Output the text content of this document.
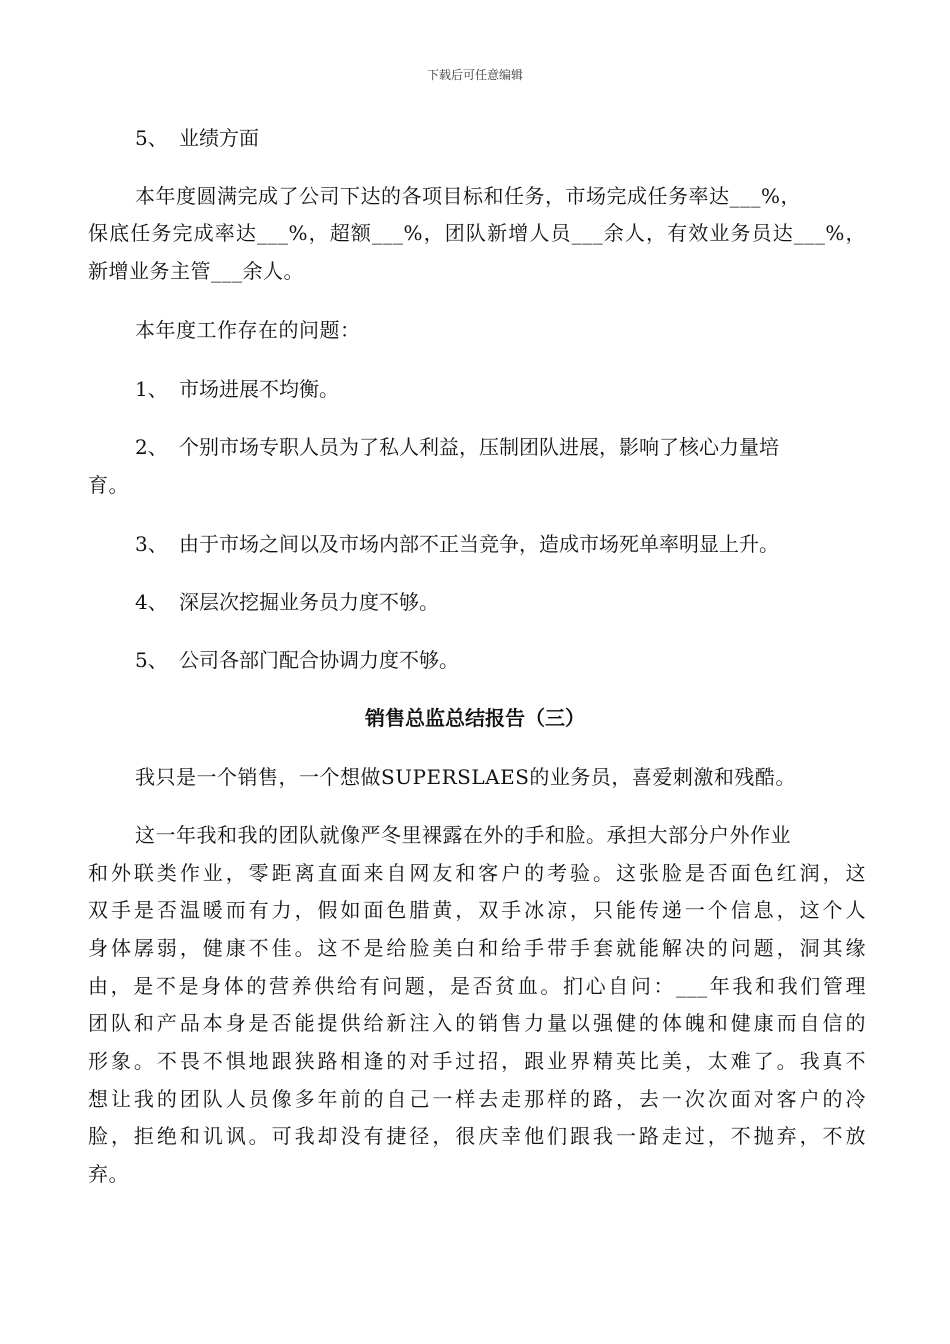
下载后可任意编辑
5、 业绩方面
本年度圆满完成了公司下达的各项目标和任务，市场完成任务率达___%，
保底任务完成率达___%，超额___%，团队新增人员___余人，有效业务员达___%，
新增业务主管___余人。
本年度工作存在的问题：
1、 市场进展不均衡。
2、 个别市场专职人员为了私人利益，压制团队进展，影响了核心力量培
育。
3、 由于市场之间以及市场内部不正当竞争，造成市场死单率明显上升。
4、 深层次挖掘业务员力度不够。
5、 公司各部门配合协调力度不够。
我只是一个销售，一个想做SUPERSLAES的业务员，喜爱刺激和残酷。
这一年我和我的团队就像严冬里裸露在外的手和脸。承担大部分户外作业
和外联类作业，零距离直面来自网友和客户的考验。这张脸是否面色红润，这
双手是否温暖而有力，假如面色腊黄，双手冰凉，只能传递一个信息，这个人
身体孱弱，健康不佳。这不是给脸美白和给手带手套就能解决的问题，洞其缘
由，是不是身体的营养供给有问题，是否贫血。扪心自问：___年我和我们管理
团队和产品本身是否能提供给新注入的销售力量以强健的体魄和健康而自信的
形象。不畏不惧地跟狭路相逢的对手过招，跟业界精英比美，太难了。我真不
想让我的团队人员像多年前的自己一样去走那样的路，去一次次面对客户的冷
脸，拒绝和讥讽。可我却没有捷径，很庆幸他们跟我一路走过，不抛弃，不放
弃。
销售总监总结报告（三）
